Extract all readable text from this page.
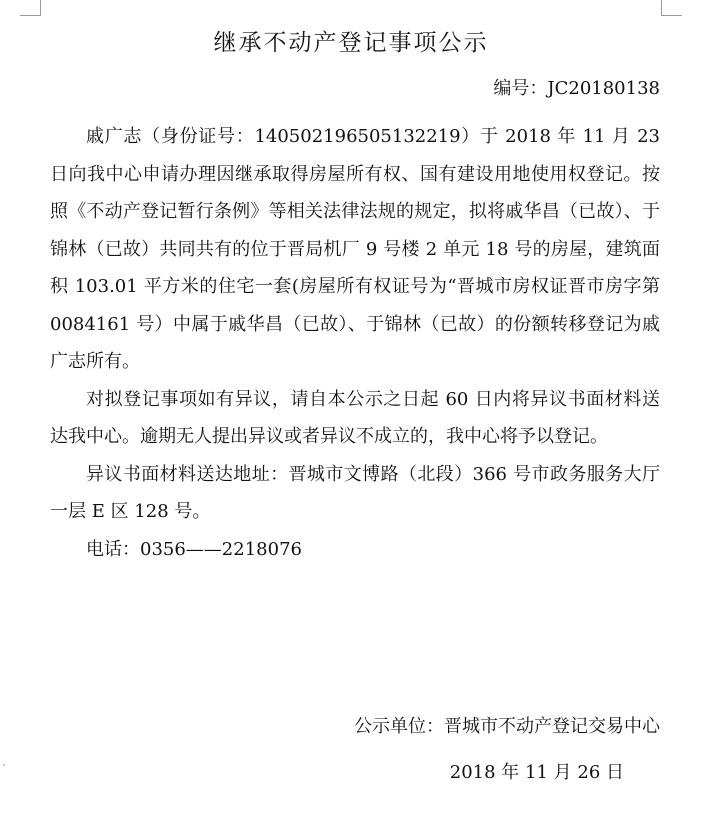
继承不动产登记事项公示
编号：JC20180138

戚广志（身份证号：140502196505132219）于 2018 年 11 月 23 日向我中心申请办理因继承取得房屋所有权、国有建设用地使用权登记。按照《不动产登记暂行条例》等相关法律法规的规定，拟将戚华昌（已故）、于锦林（已故）共同共有的位于晋局机厂 9 号楼 2 单元 18 号的房屋，建筑面积 103.01 平方米的住宅一套(房屋所有权证号为“晋城市房权证晋市房字第 0084161 号）中属于戚华昌（已故）、于锦林（已故）的份额转移登记为戚广志所有。

对拟登记事项如有异议，请自本公示之日起 60 日内将异议书面材料送达我中心。逾期无人提出异议或者异议不成立的，我中心将予以登记。

异议书面材料送达地址：晋城市文博路（北段）366 号市政务服务大厅一层 E 区 128 号。

电话：0356——2218076

公示单位：晋城市不动产登记交易中心
2018 年 11 月 26 日
